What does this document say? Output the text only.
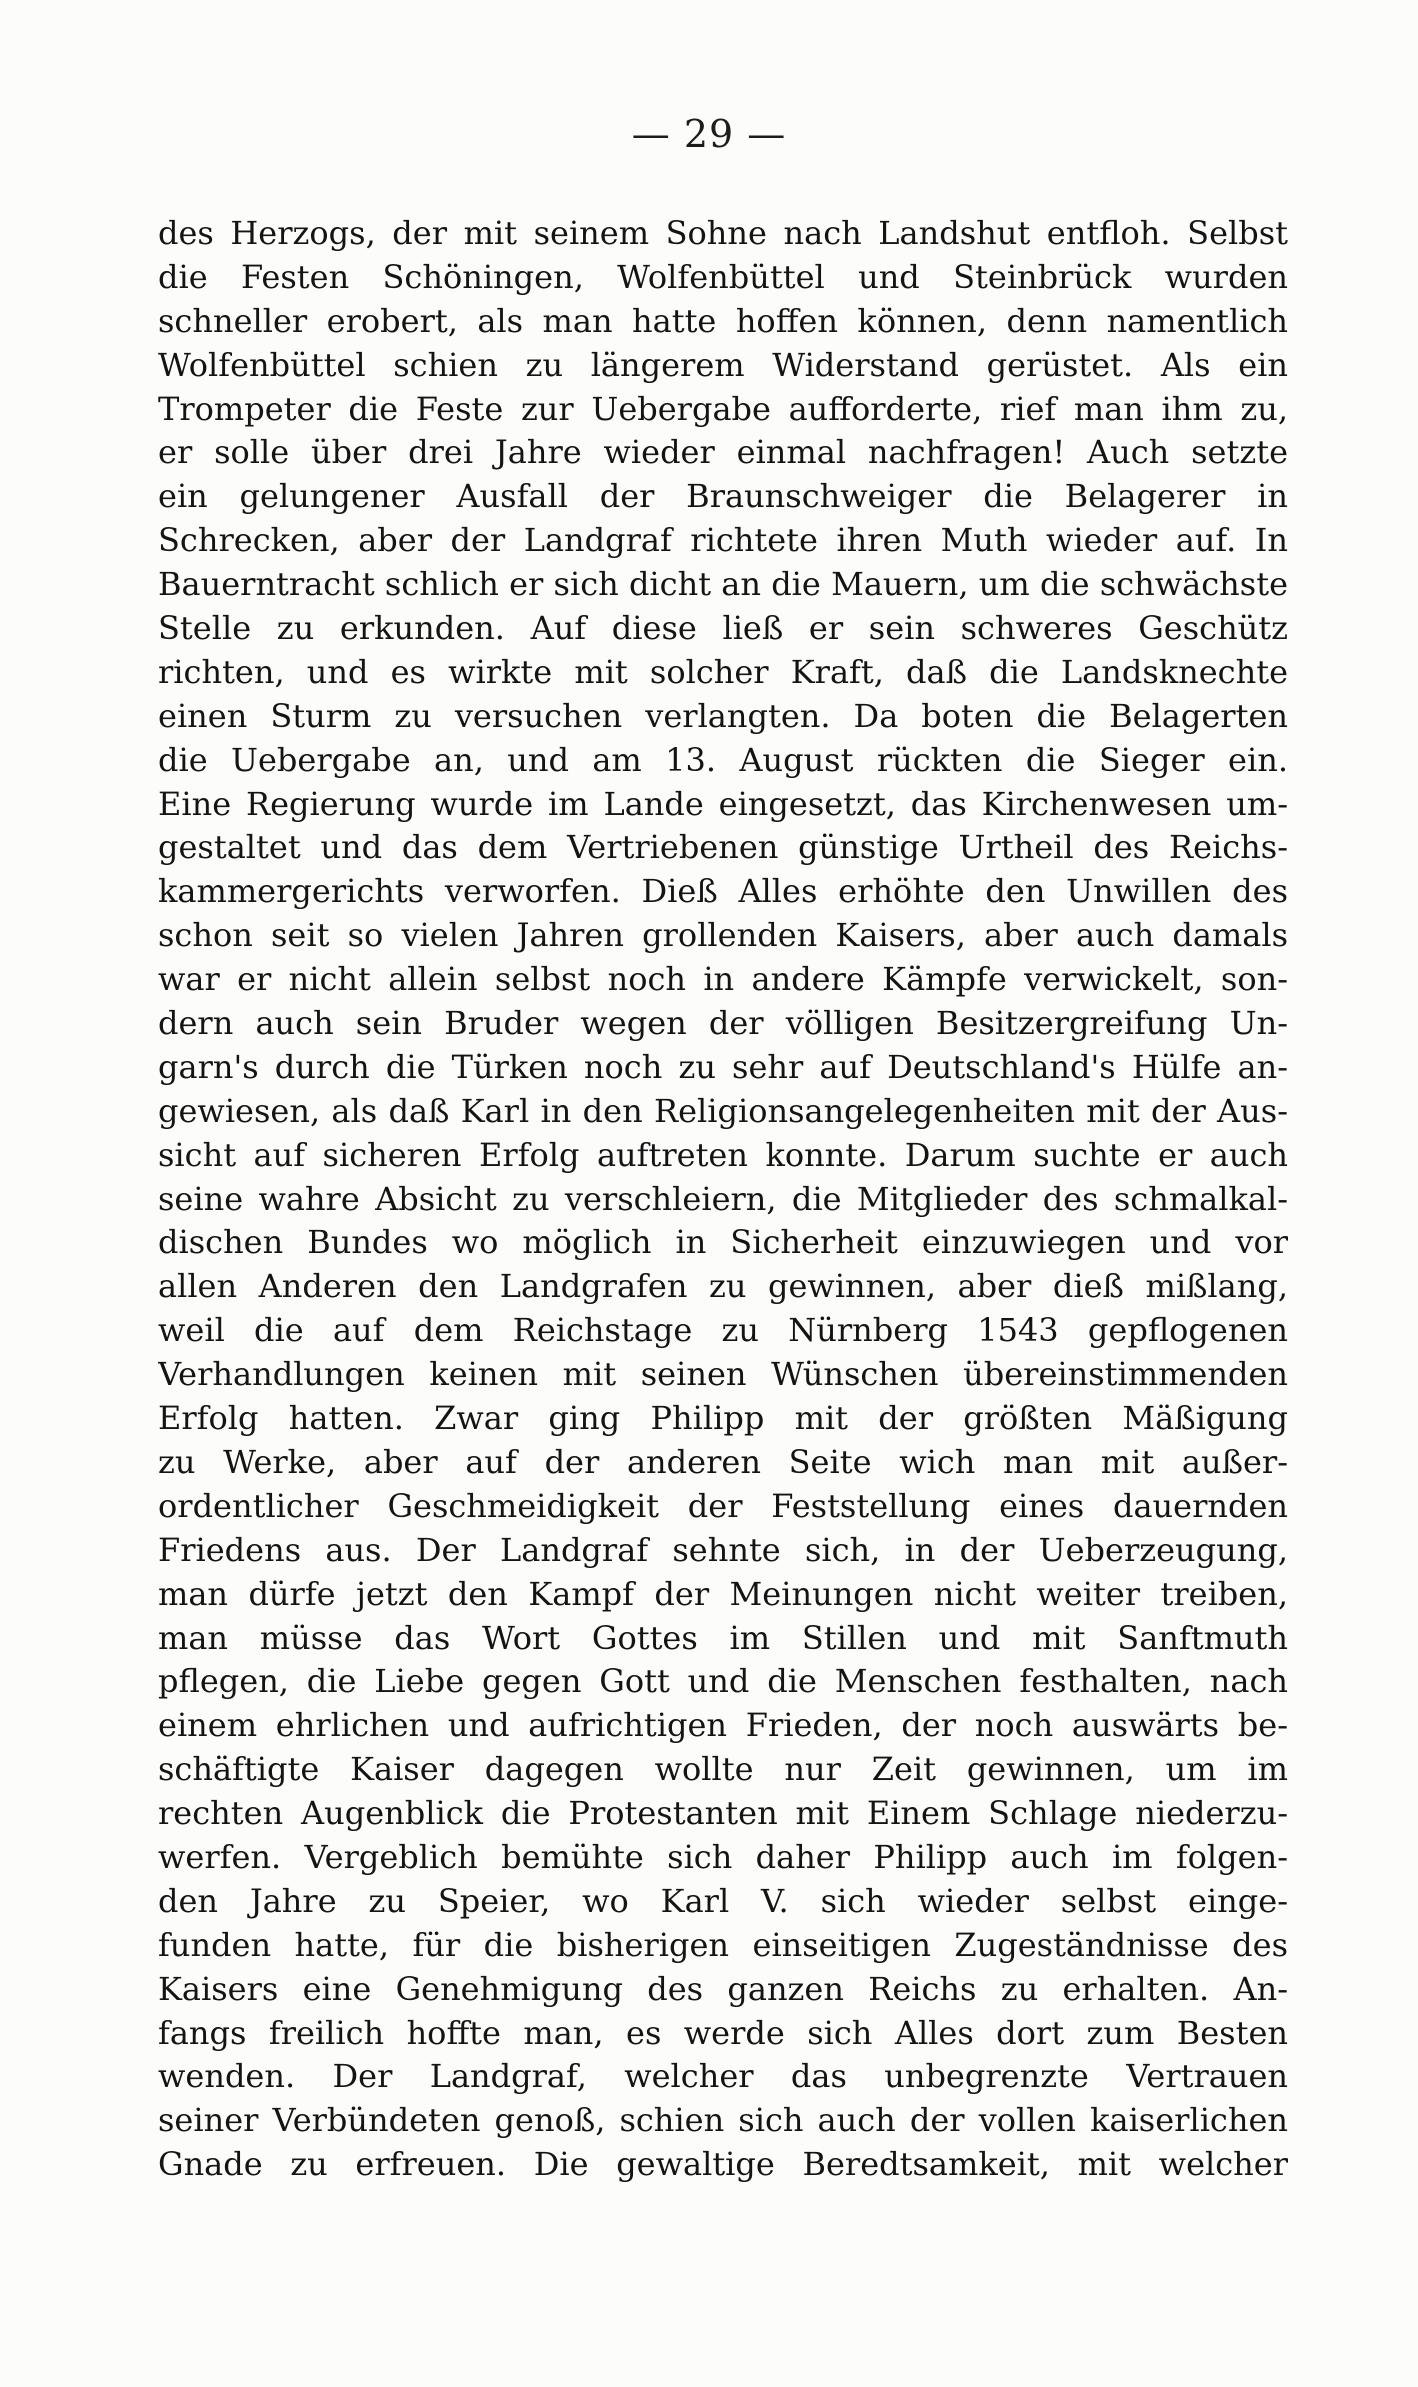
— 29 —
des Herzogs, der mit seinem Sohne nach Landshut entfloh. Selbst
die Festen Schöningen, Wolfenbüttel und Steinbrück wurden
schneller erobert, als man hatte hoffen können, denn namentlich
Wolfenbüttel schien zu längerem Widerstand gerüstet. Als ein
Trompeter die Feste zur Uebergabe aufforderte, rief man ihm zu,
er solle über drei Jahre wieder einmal nachfragen! Auch setzte
ein gelungener Ausfall der Braunschweiger die Belagerer in
Schrecken, aber der Landgraf richtete ihren Muth wieder auf. In
Bauerntracht schlich er sich dicht an die Mauern, um die schwächste
Stelle zu erkunden. Auf diese ließ er sein schweres Geschütz
richten, und es wirkte mit solcher Kraft, daß die Landsknechte
einen Sturm zu versuchen verlangten. Da boten die Belagerten
die Uebergabe an, und am 13. August rückten die Sieger ein.
Eine Regierung wurde im Lande eingesetzt, das Kirchenwesen um-
gestaltet und das dem Vertriebenen günstige Urtheil des Reichs-
kammergerichts verworfen. Dieß Alles erhöhte den Unwillen des
schon seit so vielen Jahren grollenden Kaisers, aber auch damals
war er nicht allein selbst noch in andere Kämpfe verwickelt, son-
dern auch sein Bruder wegen der völligen Besitzergreifung Un-
garn's durch die Türken noch zu sehr auf Deutschland's Hülfe an-
gewiesen, als daß Karl in den Religionsangelegenheiten mit der Aus-
sicht auf sicheren Erfolg auftreten konnte. Darum suchte er auch
seine wahre Absicht zu verschleiern, die Mitglieder des schmalkal-
dischen Bundes wo möglich in Sicherheit einzuwiegen und vor
allen Anderen den Landgrafen zu gewinnen, aber dieß mißlang,
weil die auf dem Reichstage zu Nürnberg 1543 gepflogenen
Verhandlungen keinen mit seinen Wünschen übereinstimmenden
Erfolg hatten. Zwar ging Philipp mit der größten Mäßigung
zu Werke, aber auf der anderen Seite wich man mit außer-
ordentlicher Geschmeidigkeit der Feststellung eines dauernden
Friedens aus. Der Landgraf sehnte sich, in der Ueberzeugung,
man dürfe jetzt den Kampf der Meinungen nicht weiter treiben,
man müsse das Wort Gottes im Stillen und mit Sanftmuth
pflegen, die Liebe gegen Gott und die Menschen festhalten, nach
einem ehrlichen und aufrichtigen Frieden, der noch auswärts be-
schäftigte Kaiser dagegen wollte nur Zeit gewinnen, um im
rechten Augenblick die Protestanten mit Einem Schlage niederzu-
werfen. Vergeblich bemühte sich daher Philipp auch im folgen-
den Jahre zu Speier, wo Karl V. sich wieder selbst einge-
funden hatte, für die bisherigen einseitigen Zugeständnisse des
Kaisers eine Genehmigung des ganzen Reichs zu erhalten. An-
fangs freilich hoffte man, es werde sich Alles dort zum Besten
wenden. Der Landgraf, welcher das unbegrenzte Vertrauen
seiner Verbündeten genoß, schien sich auch der vollen kaiserlichen
Gnade zu erfreuen. Die gewaltige Beredtsamkeit, mit welcher
